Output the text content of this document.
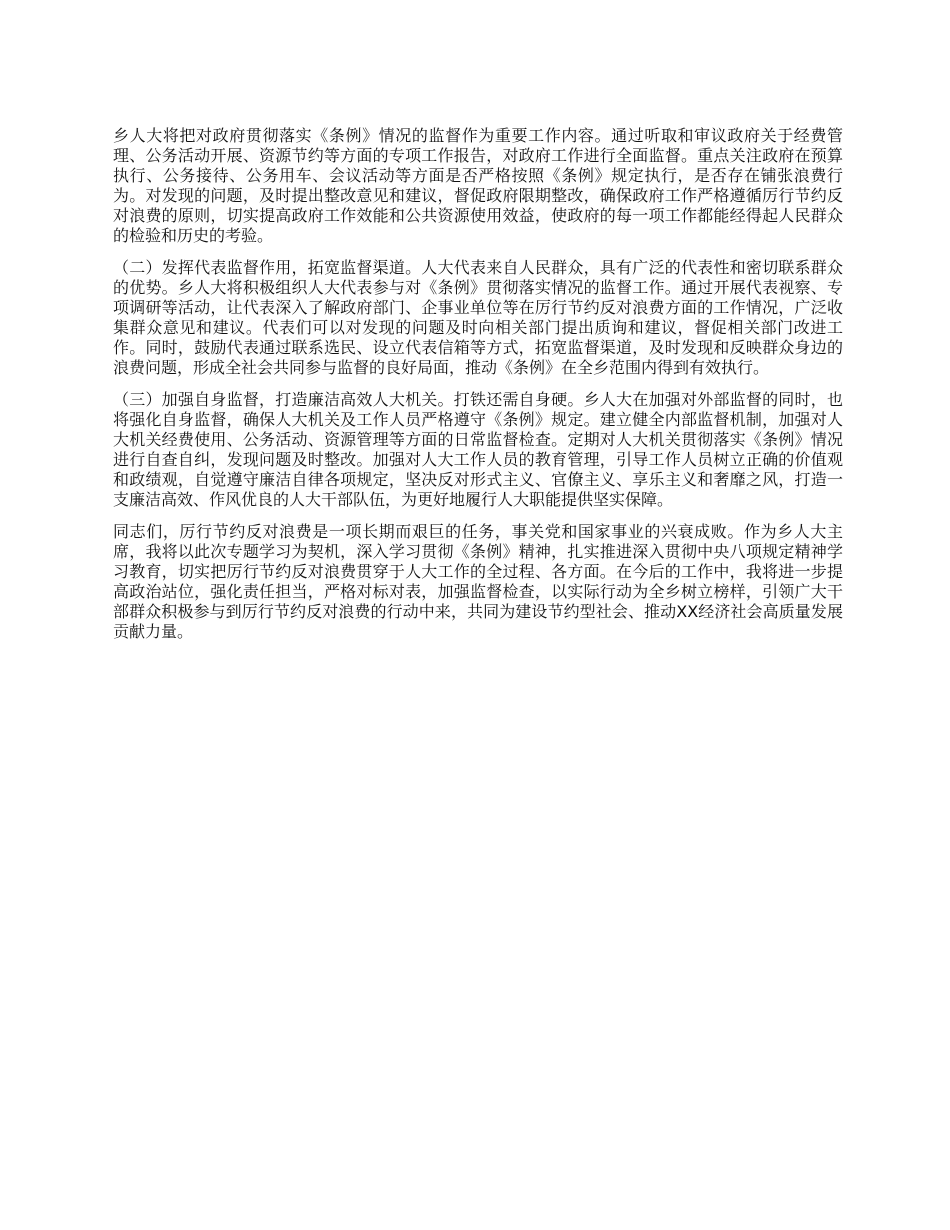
乡人大将把对政府贯彻落实《条例》情况的监督作为重要工作内容。通过听取和审议政府关于经费管理、公务活动开展、资源节约等方面的专项工作报告，对政府工作进行全面监督。重点关注政府在预算执行、公务接待、公务用车、会议活动等方面是否严格按照《条例》规定执行，是否存在铺张浪费行为。对发现的问题，及时提出整改意见和建议，督促政府限期整改，确保政府工作严格遵循厉行节约反对浪费的原则，切实提高政府工作效能和公共资源使用效益，使政府的每一项工作都能经得起人民群众的检验和历史的考验。

（二）发挥代表监督作用，拓宽监督渠道。人大代表来自人民群众，具有广泛的代表性和密切联系群众的优势。乡人大将积极组织人大代表参与对《条例》贯彻落实情况的监督工作。通过开展代表视察、专项调研等活动，让代表深入了解政府部门、企事业单位等在厉行节约反对浪费方面的工作情况，广泛收集群众意见和建议。代表们可以对发现的问题及时向相关部门提出质询和建议，督促相关部门改进工作。同时，鼓励代表通过联系选民、设立代表信箱等方式，拓宽监督渠道，及时发现和反映群众身边的浪费问题，形成全社会共同参与监督的良好局面，推动《条例》在全乡范围内得到有效执行。

（三）加强自身监督，打造廉洁高效人大机关。打铁还需自身硬。乡人大在加强对外部监督的同时，也将强化自身监督，确保人大机关及工作人员严格遵守《条例》规定。建立健全内部监督机制，加强对人大机关经费使用、公务活动、资源管理等方面的日常监督检查。定期对人大机关贯彻落实《条例》情况进行自查自纠，发现问题及时整改。加强对人大工作人员的教育管理，引导工作人员树立正确的价值观和政绩观，自觉遵守廉洁自律各项规定，坚决反对形式主义、官僚主义、享乐主义和奢靡之风，打造一支廉洁高效、作风优良的人大干部队伍，为更好地履行人大职能提供坚实保障。

同志们，厉行节约反对浪费是一项长期而艰巨的任务，事关党和国家事业的兴衰成败。作为乡人大主席，我将以此次专题学习为契机，深入学习贯彻《条例》精神，扎实推进深入贯彻中央八项规定精神学习教育，切实把厉行节约反对浪费贯穿于人大工作的全过程、各方面。在今后的工作中，我将进一步提高政治站位，强化责任担当，严格对标对表，加强监督检查，以实际行动为全乡树立榜样，引领广大干部群众积极参与到厉行节约反对浪费的行动中来，共同为建设节约型社会、推动XX经济社会高质量发展贡献力量。
